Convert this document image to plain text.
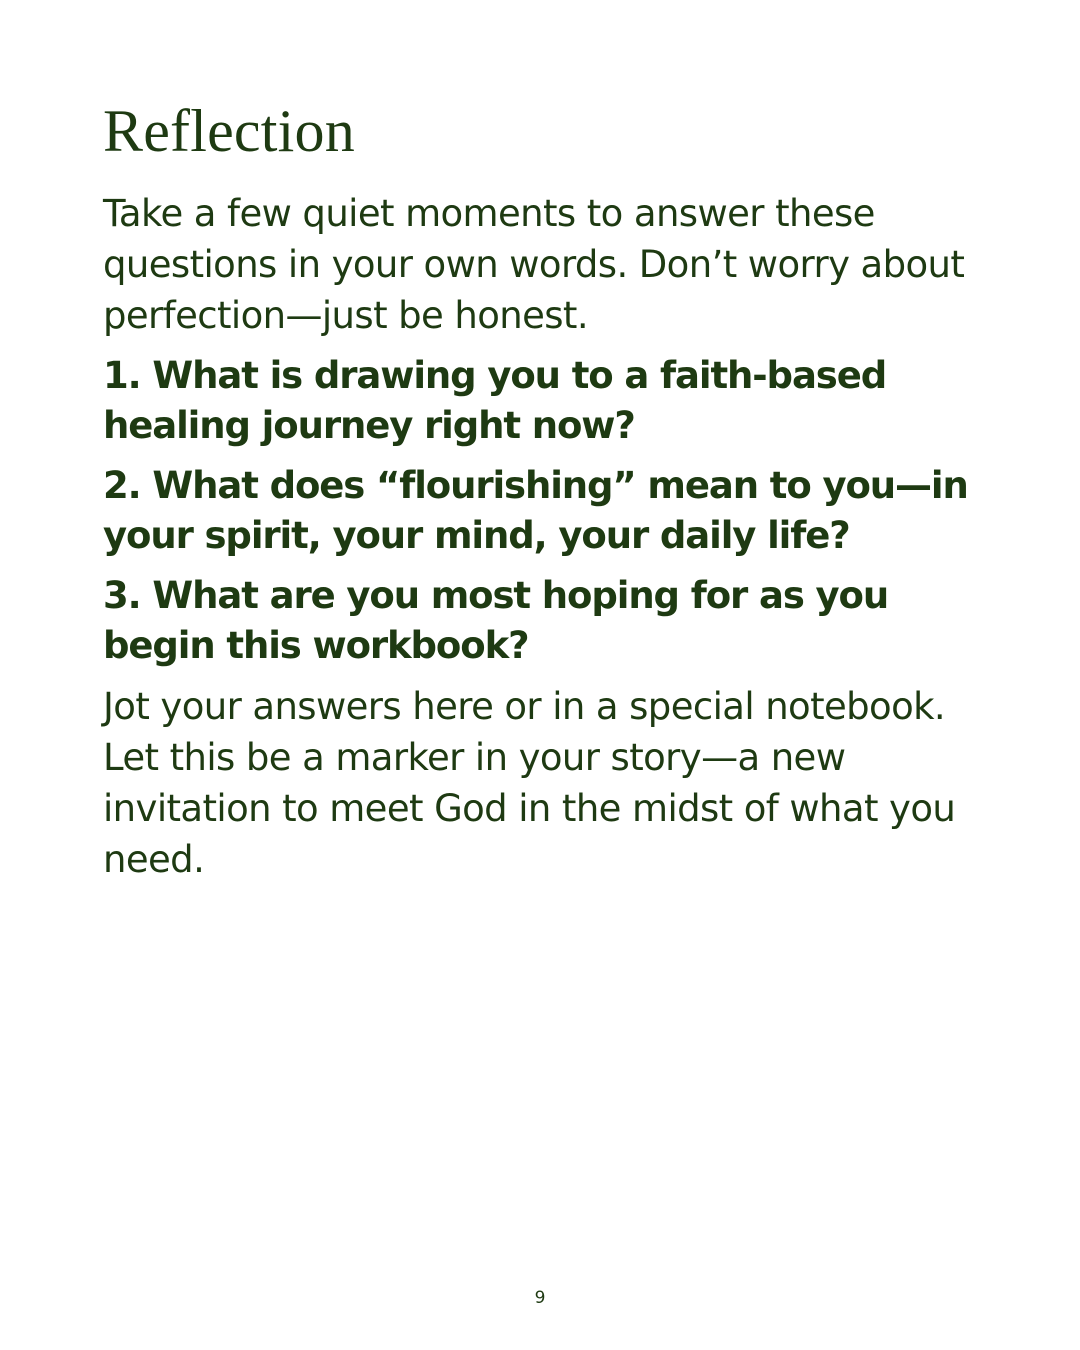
Reflection

Take a few quiet moments to answer these questions in your own words. Don’t worry about perfection—just be honest.

1. What is drawing you to a faith-based healing journey right now?

2. What does “flourishing” mean to you—in your spirit, your mind, your daily life?

3. What are you most hoping for as you begin this workbook?

Jot your answers here or in a special notebook. Let this be a marker in your story—a new invitation to meet God in the midst of what you need.

9
